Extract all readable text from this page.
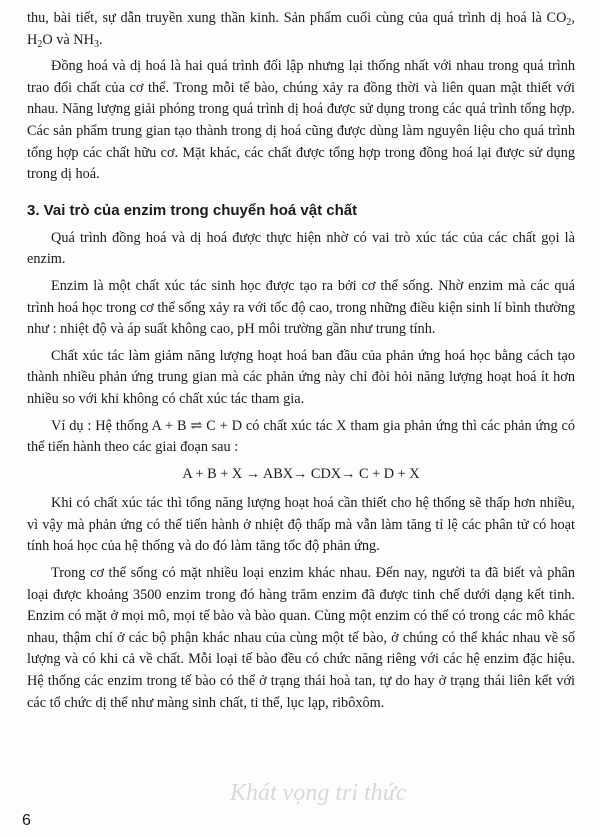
thu, bài tiết, sự dẫn truyền xung thần kinh. Sản phẩm cuối cùng của quá trình dị hoá là $CO_2$, $H_2O$ và $NH_3$.

Đồng hoá và dị hoá là hai quá trình đối lập nhưng lại thống nhất với nhau trong quá trình trao đổi chất của cơ thể. Trong mỗi tế bào, chúng xảy ra đồng thời và liên quan mật thiết với nhau. Năng lượng giải phóng trong quá trình dị hoá được sử dụng trong các quá trình tổng hợp. Các sản phẩm trung gian tạo thành trong dị hoá cũng được dùng làm nguyên liệu cho quá trình tổng hợp các chất hữu cơ. Mặt khác, các chất được tổng hợp trong đồng hoá lại được sử dụng trong dị hoá.

3. Vai trò của enzim trong chuyển hoá vật chất

Quá trình đồng hoá và dị hoá được thực hiện nhờ có vai trò xúc tác của các chất gọi là enzim.

Enzim là một chất xúc tác sinh học được tạo ra bởi cơ thể sống. Nhờ enzim mà các quá trình hoá học trong cơ thể sống xảy ra với tốc độ cao, trong những điều kiện sinh lí bình thường như : nhiệt độ và áp suất không cao, pH môi trường gần như trung tính.

Chất xúc tác làm giảm năng lượng hoạt hoá ban đầu của phản ứng hoá học bằng cách tạo thành nhiều phản ứng trung gian mà các phản ứng này chỉ đòi hỏi năng lượng hoạt hoá ít hơn nhiều so với khi không có chất xúc tác tham gia.

Ví dụ : Hệ thống A + B ⇌ C + D có chất xúc tác X tham gia phản ứng thì các phản ứng có thể tiến hành theo các giai đoạn sau :

A + B + X → ABX→ CDX→ C + D + X

Khi có chất xúc tác thì tổng năng lượng hoạt hoá cần thiết cho hệ thống sẽ thấp hơn nhiều, vì vậy mà phản ứng có thể tiến hành ở nhiệt độ thấp mà vẫn làm tăng tỉ lệ các phân tử có hoạt tính hoá học của hệ thống và do đó làm tăng tốc độ phản ứng.

Trong cơ thể sống có mặt nhiều loại enzim khác nhau. Đến nay, người ta đã biết và phân loại được khoảng 3500 enzim trong đó hàng trăm enzim đã được tinh chế dưới dạng kết tinh. Enzim có mặt ở mọi mô, mọi tế bào và bào quan. Cùng một enzim có thể có trong các mô khác nhau, thậm chí ở các bộ phận khác nhau của cùng một tế bào, ở chúng có thể khác nhau về số lượng và có khi cả về chất. Mỗi loại tế bào đều có chức năng riêng với các hệ enzim đặc hiệu. Hệ thống các enzim trong tế bào có thể ở trạng thái hoà tan, tự do hay ở trạng thái liên kết với các tổ chức dị thể như màng sinh chất, ti thể, lục lạp, ribôxôm.

Khát vọng tri thức
6
